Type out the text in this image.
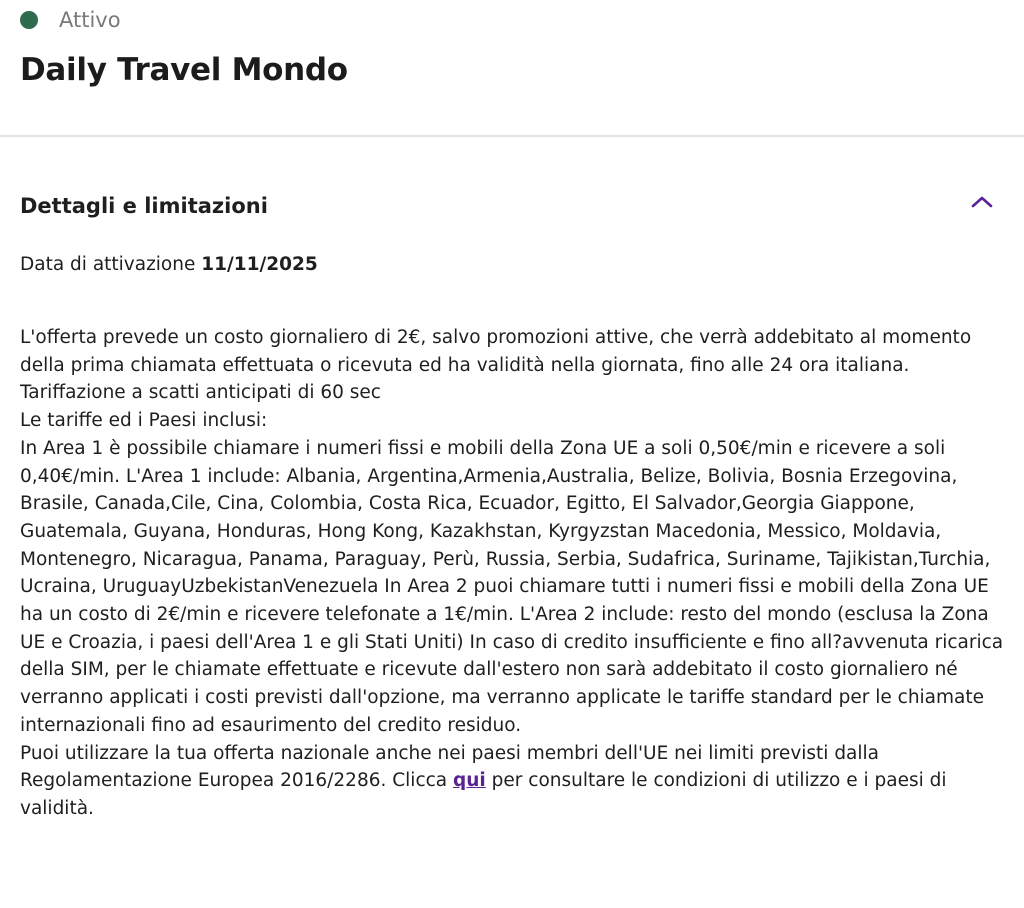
Attivo
Daily Travel Mondo
Dettagli e limitazioni
Data di attivazione 11/11/2025

L'offerta prevede un costo giornaliero di 2€, salvo promozioni attive, che verrà addebitato al momento della prima chiamata effettuata o ricevuta ed ha validità nella giornata, fino alle 24 ora italiana.

Tariffazione a scatti anticipati di 60 sec

Le tariffe ed i Paesi inclusi:

In Area 1 è possibile chiamare i numeri fissi e mobili della Zona UE a soli 0,50€/min e ricevere a soli 0,40€/min. L'Area 1 include: Albania, Argentina,Armenia,Australia, Belize, Bolivia, Bosnia Erzegovina, Brasile, Canada,Cile, Cina, Colombia, Costa Rica, Ecuador, Egitto, El Salvador,Georgia Giappone, Guatemala, Guyana, Honduras, Hong Kong, Kazakhstan, Kyrgyzstan Macedonia, Messico, Moldavia, Montenegro, Nicaragua, Panama, Paraguay, Perù, Russia, Serbia, Sudafrica, Suriname, Tajikistan,Turchia, Ucraina, UruguayUzbekistanVenezuela In Area 2 puoi chiamare tutti i numeri fissi e mobili della Zona UE ha un costo di 2€/min e ricevere telefonate a 1€/min. L'Area 2 include: resto del mondo (esclusa la Zona UE e Croazia, i paesi dell'Area 1 e gli Stati Uniti) In caso di credito insufficiente e fino all?avvenuta ricarica della SIM, per le chiamate effettuate e ricevute dall'estero non sarà addebitato il costo giornaliero né verranno applicati i costi previsti dall'opzione, ma verranno applicate le tariffe standard per le chiamate internazionali fino ad esaurimento del credito residuo.

Puoi utilizzare la tua offerta nazionale anche nei paesi membri dell'UE nei limiti previsti dalla Regolamentazione Europea 2016/2286. Clicca qui per consultare le condizioni di utilizzo e i paesi di validità.
